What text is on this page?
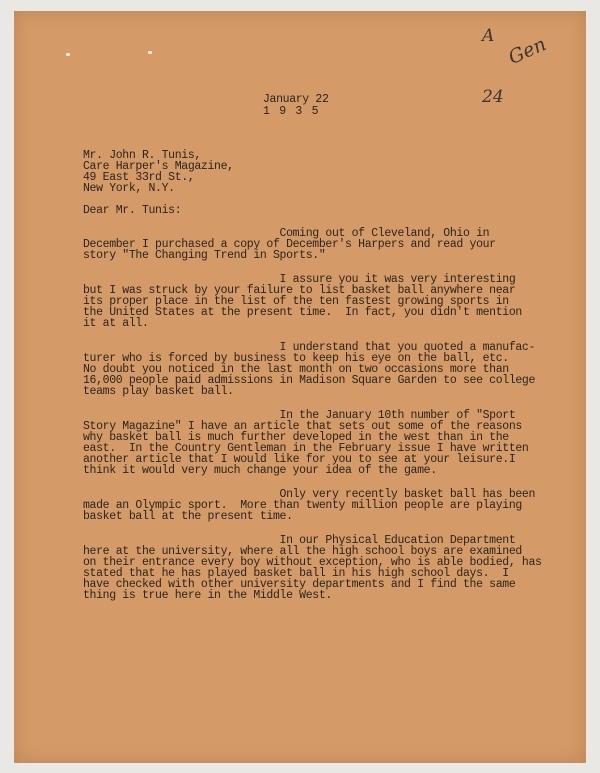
A Gen
24
January 22
1 9 3 5
Mr. John R. Tunis,
Care Harper's Magazine,
49 East 33rd St.,
New York, N.Y.
Dear Mr. Tunis:
Coming out of Cleveland, Ohio in
December I purchased a copy of December's Harpers and read your
story "The Changing Trend in Sports."
I assure you it was very interesting
but I was struck by your failure to list basket ball anywhere near
its proper place in the list of the ten fastest growing sports in
the United States at the present time.  In fact, you didn't mention
it at all.
I understand that you quoted a manufac-
turer who is forced by business to keep his eye on the ball, etc.
No doubt you noticed in the last month on two occasions more than
16,000 people paid admissions in Madison Square Garden to see college
teams play basket ball.
In the January 10th number of "Sport
Story Magazine" I have an article that sets out some of the reasons
why basket ball is much further developed in the west than in the
east.  In the Country Gentleman in the February issue I have written
another article that I would like for you to see at your leisure.I
think it would very much change your idea of the game.
Only very recently basket ball has been
made an Olympic sport.  More than twenty million people are playing
basket ball at the present time.
In our Physical Education Department
here at the university, where all the high school boys are examined
on their entrance every boy without exception, who is able bodied, has
stated that he has played basket ball in his high school days.  I
have checked with other university departments and I find the same
thing is true here in the Middle West.
